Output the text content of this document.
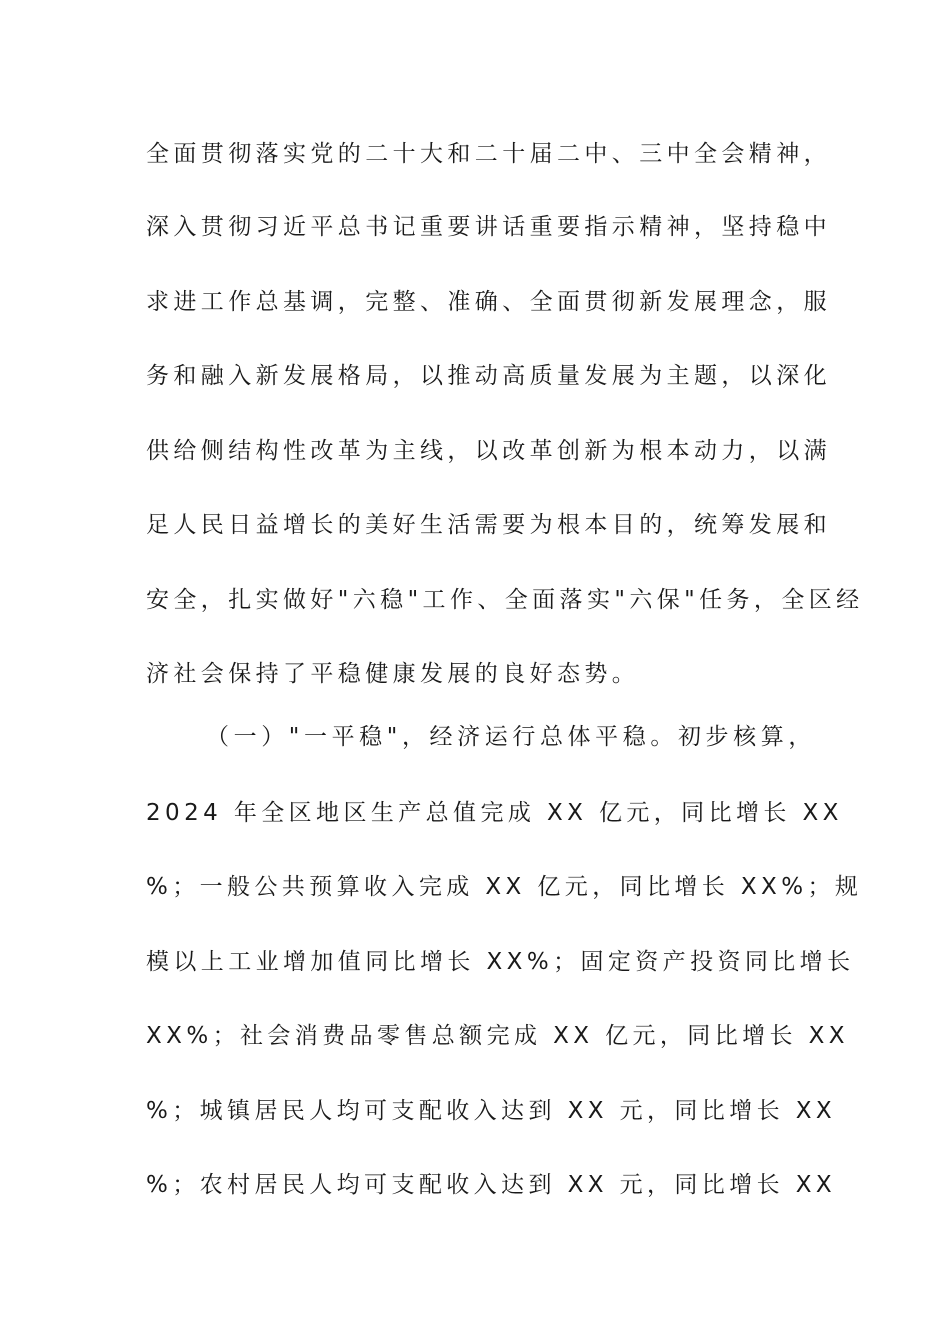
全面贯彻落实党的二十大和二十届二中、三中全会精神，
深入贯彻习近平总书记重要讲话重要指示精神，坚持稳中
求进工作总基调，完整、准确、全面贯彻新发展理念，服
务和融入新发展格局，以推动高质量发展为主题，以深化
供给侧结构性改革为主线，以改革创新为根本动力，以满
足人民日益增长的美好生活需要为根本目的，统筹发展和
安全，扎实做好"六稳"工作、全面落实"六保"任务，全区经
济社会保持了平稳健康发展的良好态势。
（一）"一平稳"，经济运行总体平稳。初步核算，
2024 年全区地区生产总值完成 XX 亿元，同比增长 XX
%；一般公共预算收入完成 XX 亿元，同比增长 XX%；规
模以上工业增加值同比增长 XX%；固定资产投资同比增长
XX%；社会消费品零售总额完成 XX 亿元，同比增长 XX
%；城镇居民人均可支配收入达到 XX 元，同比增长 XX
%；农村居民人均可支配收入达到 XX 元，同比增长 XX
